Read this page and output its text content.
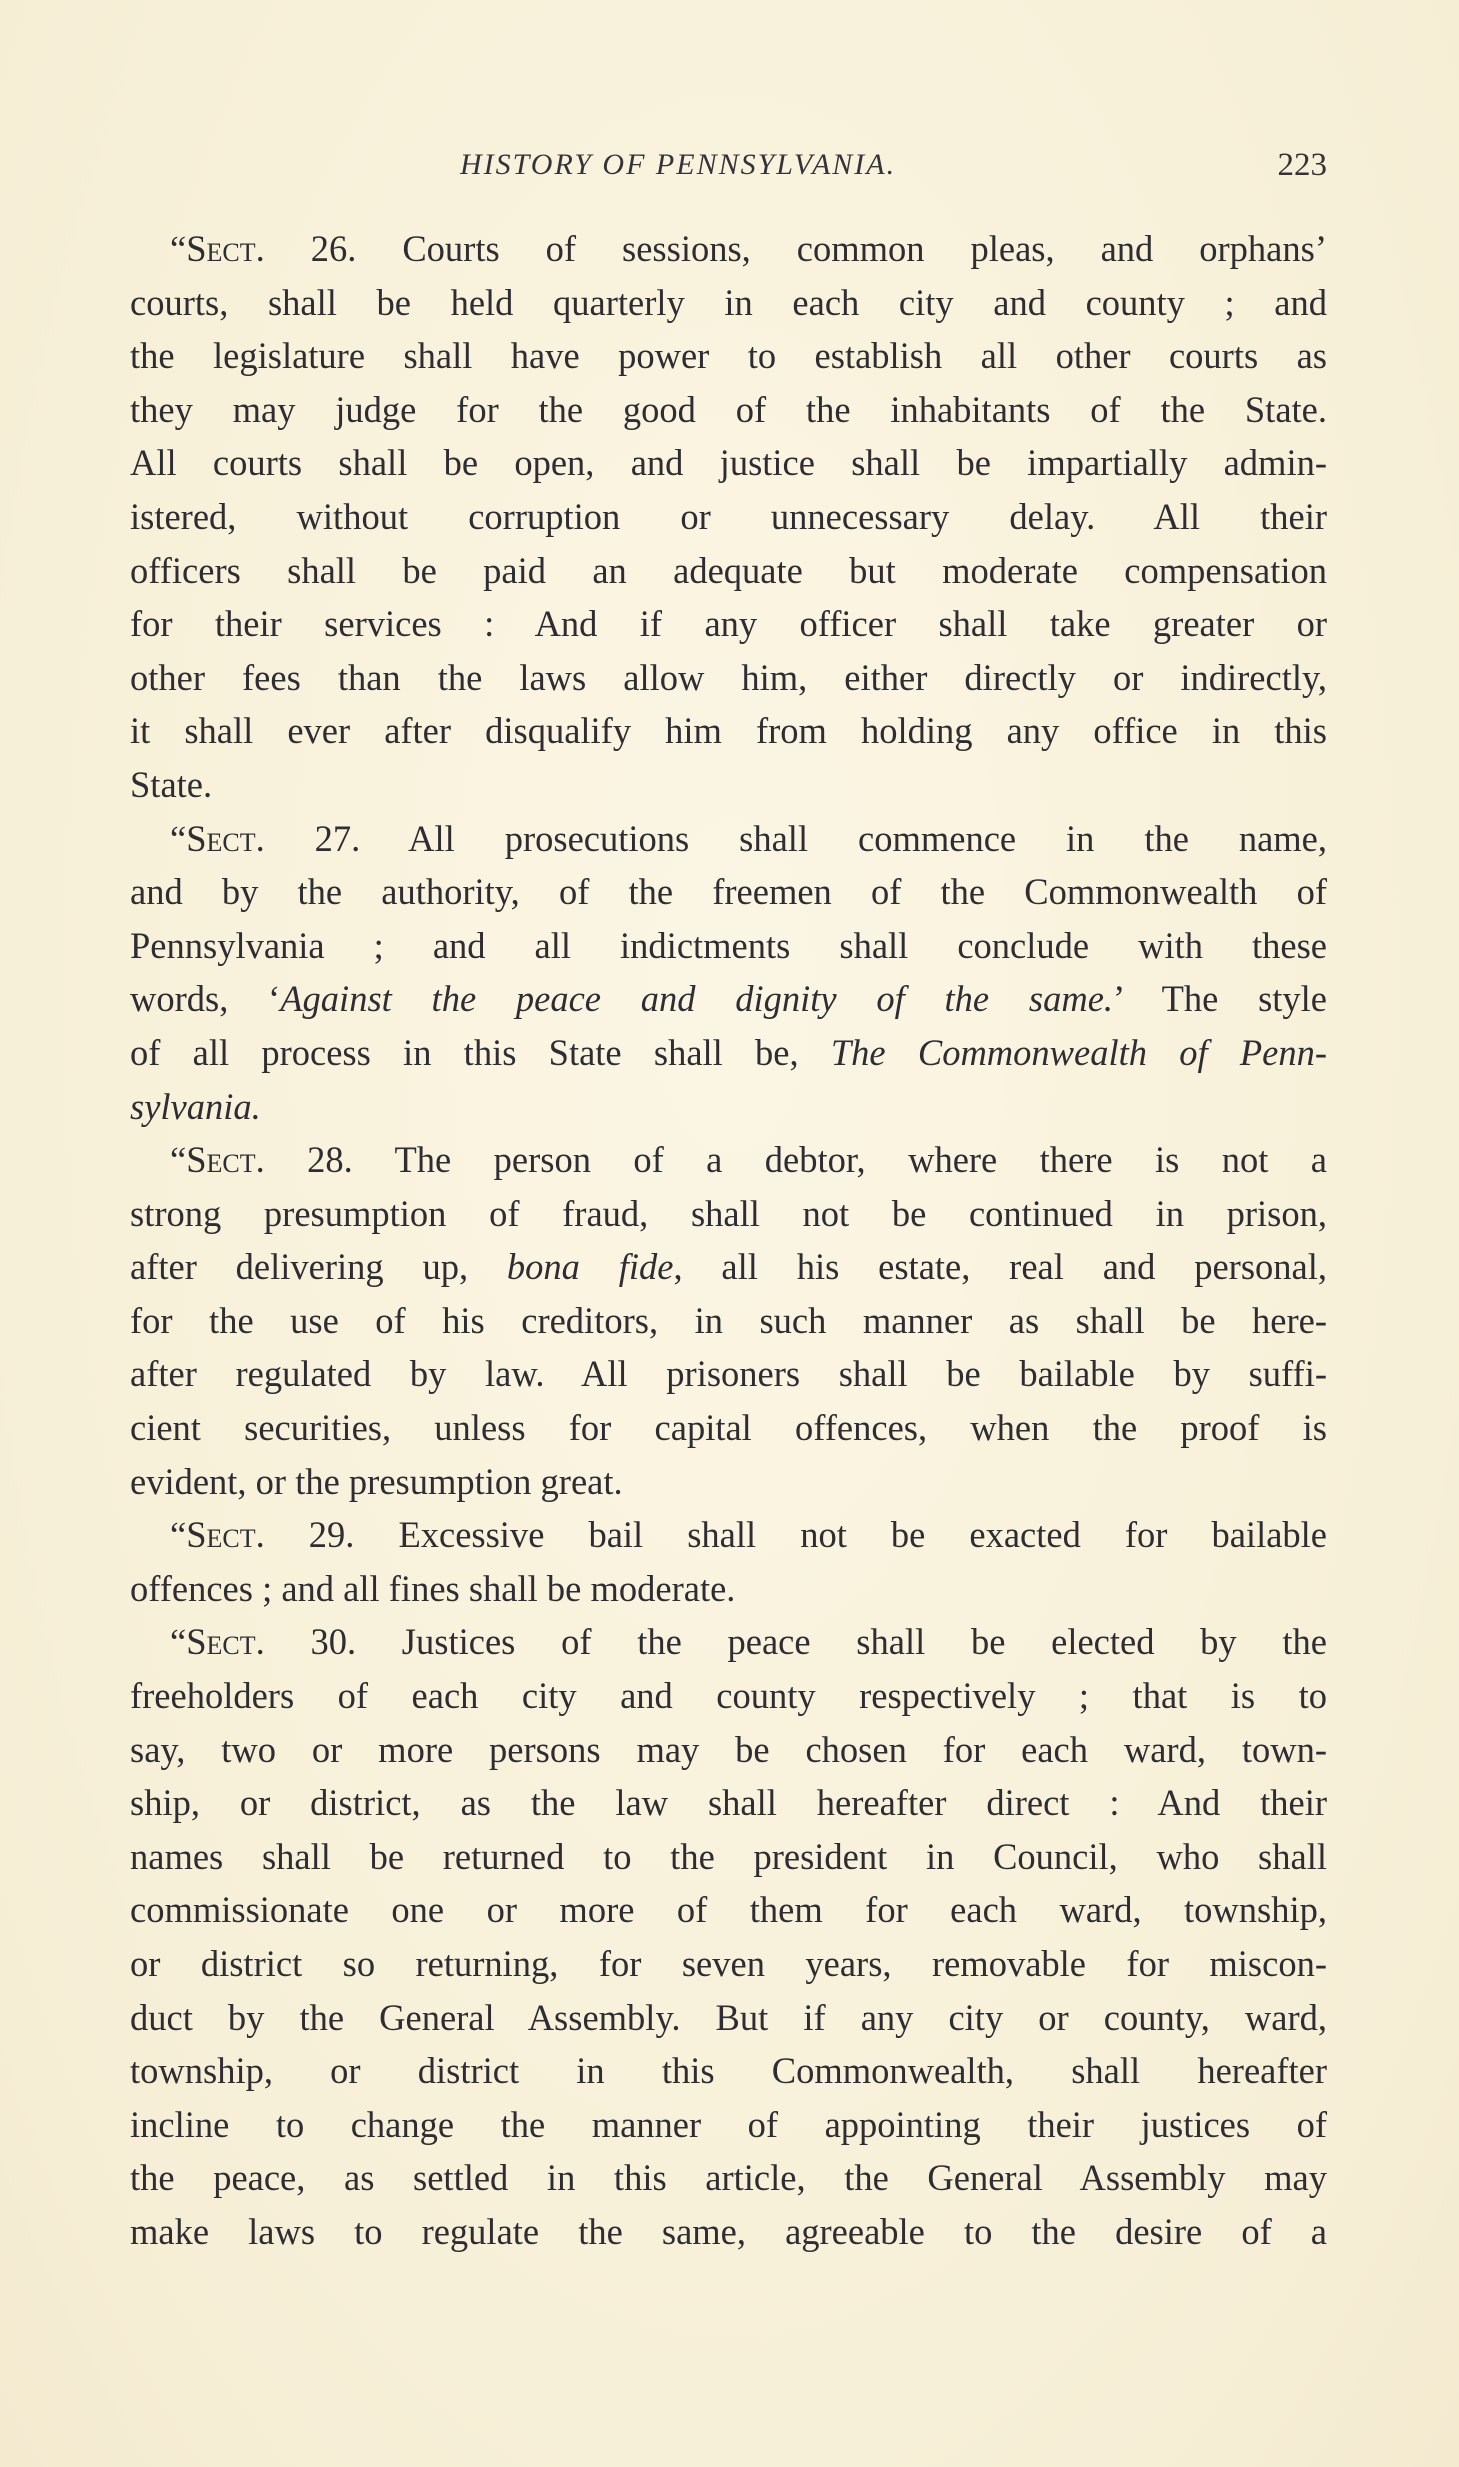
HISTORY OF PENNSYLVANIA.	223
“Sect. 26. Courts of sessions, common pleas, and orphans’
courts, shall be held quarterly in each city and county ; and
the legislature shall have power to establish all other courts as
they may judge for the good of the inhabitants of the State.
All courts shall be open, and justice shall be impartially admin-
istered, without corruption or unnecessary delay. All their
officers shall be paid an adequate but moderate compensation
for their services : And if any officer shall take greater or
other fees than the laws allow him, either directly or indirectly,
it shall ever after disqualify him from holding any office in this
State.
“Sect. 27. All prosecutions shall commence in the name,
and by the authority, of the freemen of the Commonwealth of
Pennsylvania ; and all indictments shall conclude with these
words, ‘Against the peace and dignity of the same.’ The style
of all process in this State shall be, The Commonwealth of Penn-
sylvania.
“Sect. 28. The person of a debtor, where there is not a
strong presumption of fraud, shall not be continued in prison,
after delivering up, bona fide, all his estate, real and personal,
for the use of his creditors, in such manner as shall be here-
after regulated by law. All prisoners shall be bailable by suffi-
cient securities, unless for capital offences, when the proof is
evident, or the presumption great.
“Sect. 29. Excessive bail shall not be exacted for bailable
offences ; and all fines shall be moderate.
“Sect. 30. Justices of the peace shall be elected by the
freeholders of each city and county respectively ; that is to
say, two or more persons may be chosen for each ward, town-
ship, or district, as the law shall hereafter direct : And their
names shall be returned to the president in Council, who shall
commissionate one or more of them for each ward, township,
or district so returning, for seven years, removable for miscon-
duct by the General Assembly. But if any city or county, ward,
township, or district in this Commonwealth, shall hereafter
incline to change the manner of appointing their justices of
the peace, as settled in this article, the General Assembly may
make laws to regulate the same, agreeable to the desire of a
